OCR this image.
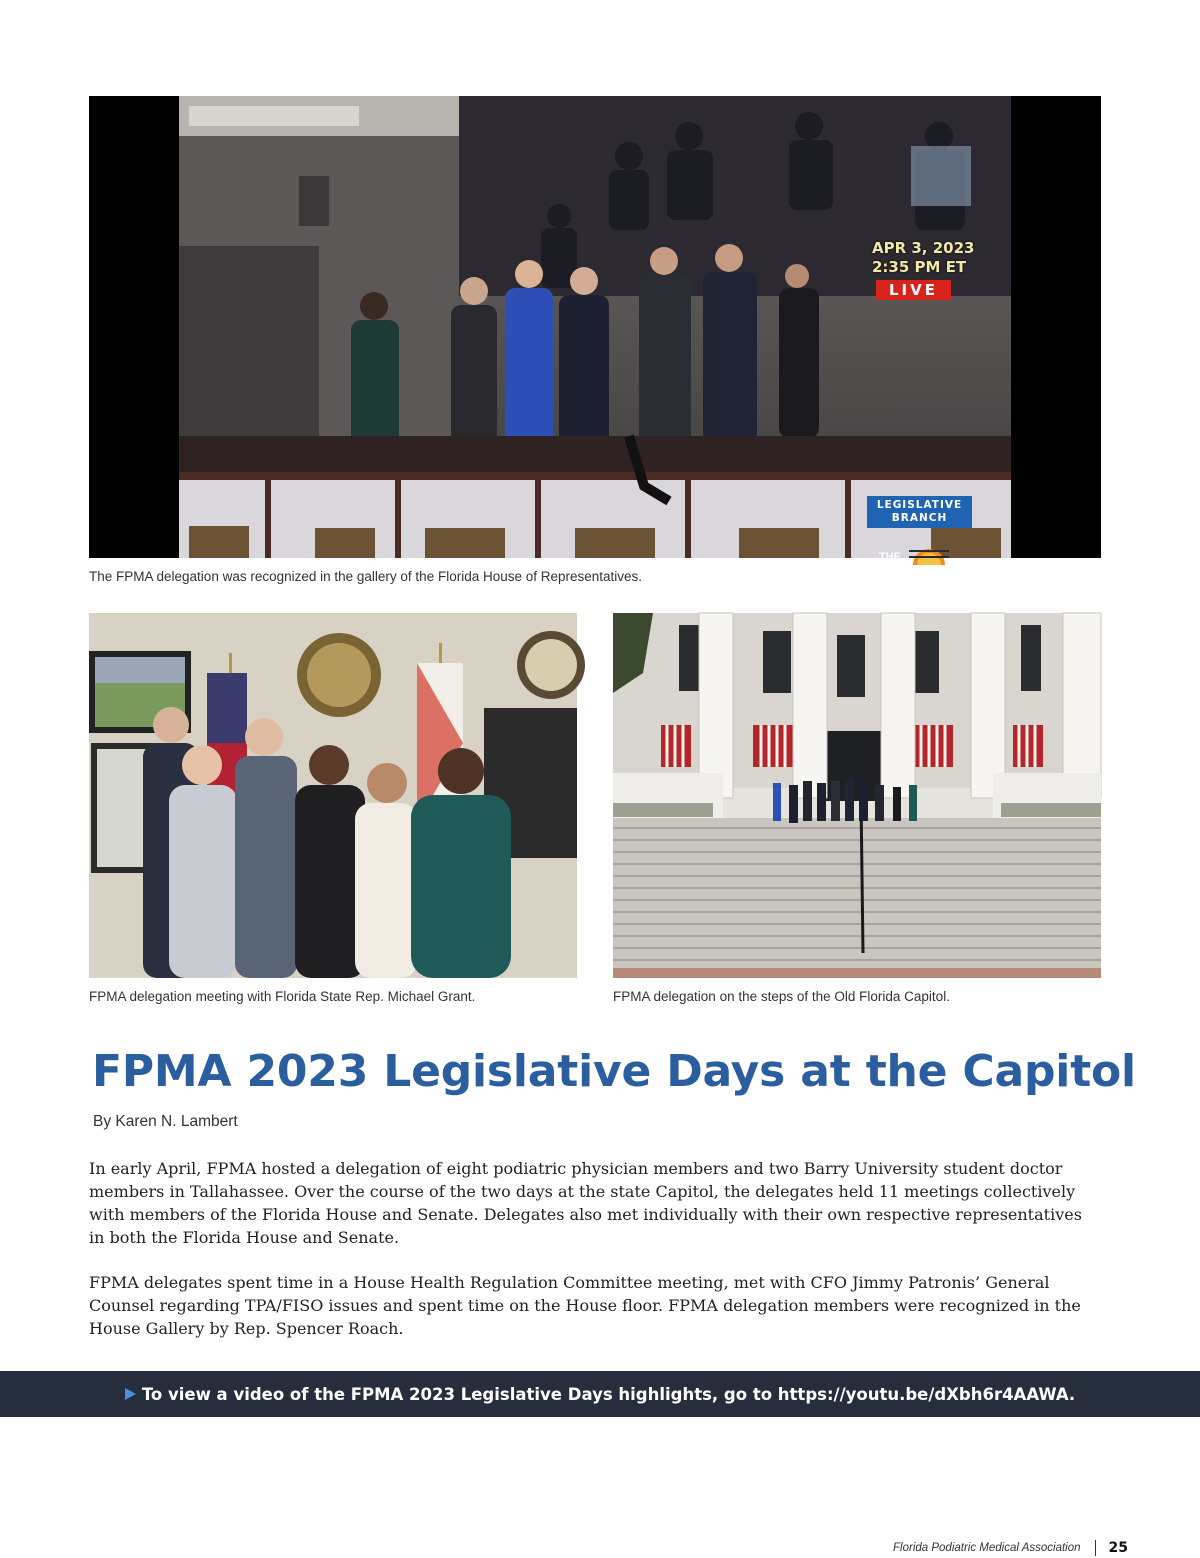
APR 3, 2023
2:35 PM ET
LIVE
LEGISLATIVE
BRANCH
THE
FLORIDA
CHANNEL
The FPMA delegation was recognized in the gallery of the Florida House of Representatives.
FPMA delegation meeting with Florida State Rep. Michael Grant.	FPMA delegation on the steps of the Old Florida Capitol.
FPMA 2023 Legislative Days at the Capitol
By Karen N. Lambert

In early April, FPMA hosted a delegation of eight podiatric physician members and two Barry University student doctor members in Tallahassee. Over the course of the two days at the state Capitol, the delegates held 11 meetings collectively with members of the Florida House and Senate. Delegates also met individually with their own respective representatives in both the Florida House and Senate.

FPMA delegates spent time in a House Health Regulation Committee meeting, met with CFO Jimmy Patronis’ General Counsel regarding TPA/FISO issues and spent time on the House floor. FPMA delegation members were recognized in the House Gallery by Rep. Spencer Roach.

To view a video of the FPMA 2023 Legislative Days highlights, go to https://youtu.be/dXbh6r4AAWA.
Florida Podiatric Medical Association 25
